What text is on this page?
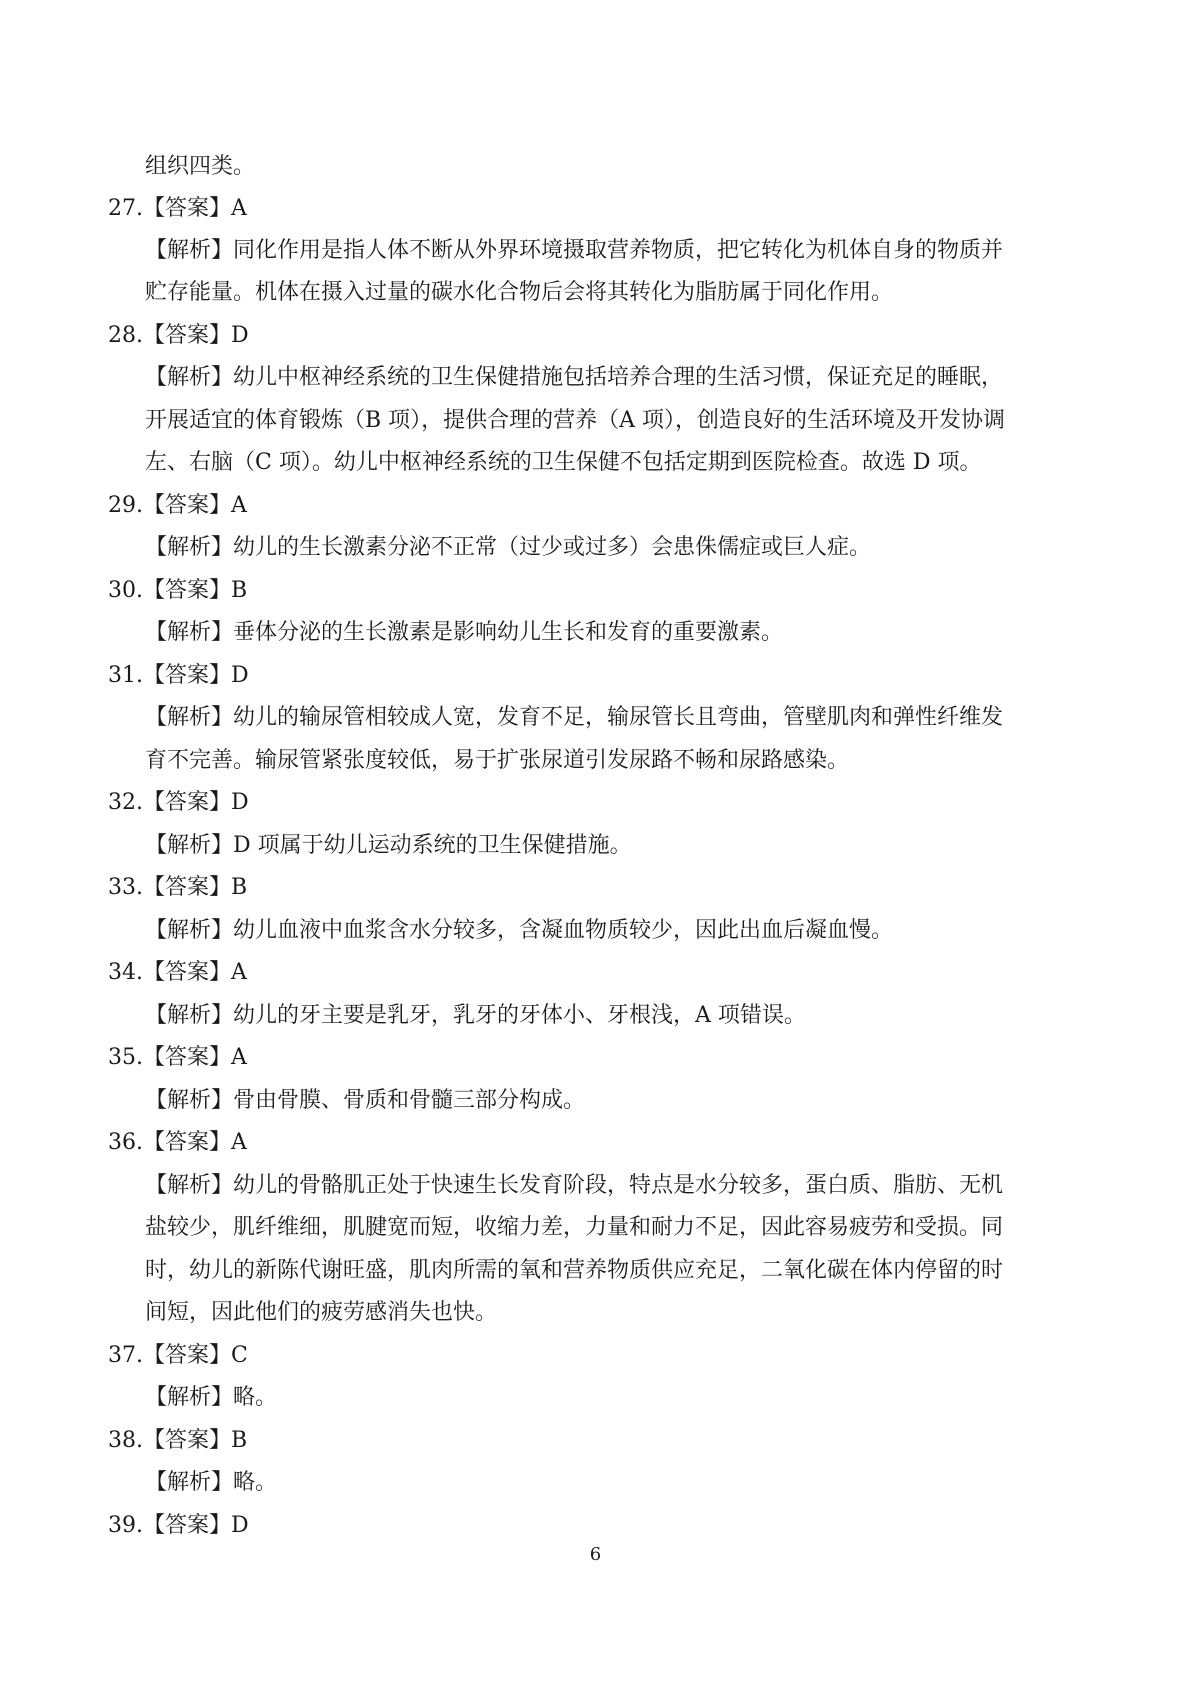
组织四类。
27.【答案】A
【解析】同化作用是指人体不断从外界环境摄取营养物质，把它转化为机体自身的物质并
贮存能量。机体在摄入过量的碳水化合物后会将其转化为脂肪属于同化作用。
28.【答案】D
【解析】幼儿中枢神经系统的卫生保健措施包括培养合理的生活习惯，保证充足的睡眠，
开展适宜的体育锻炼（B 项），提供合理的营养（A 项），创造良好的生活环境及开发协调
左、右脑（C 项）。幼儿中枢神经系统的卫生保健不包括定期到医院检查。故选 D 项。
29.【答案】A
【解析】幼儿的生长激素分泌不正常（过少或过多）会患侏儒症或巨人症。
30.【答案】B
【解析】垂体分泌的生长激素是影响幼儿生长和发育的重要激素。
31.【答案】D
【解析】幼儿的输尿管相较成人宽，发育不足，输尿管长且弯曲，管壁肌肉和弹性纤维发
育不完善。输尿管紧张度较低，易于扩张尿道引发尿路不畅和尿路感染。
32.【答案】D
【解析】D 项属于幼儿运动系统的卫生保健措施。
33.【答案】B
【解析】幼儿血液中血浆含水分较多，含凝血物质较少，因此出血后凝血慢。
34.【答案】A
【解析】幼儿的牙主要是乳牙，乳牙的牙体小、牙根浅，A 项错误。
35.【答案】A
【解析】骨由骨膜、骨质和骨髓三部分构成。
36.【答案】A
【解析】幼儿的骨骼肌正处于快速生长发育阶段，特点是水分较多，蛋白质、脂肪、无机
盐较少，肌纤维细，肌腱宽而短，收缩力差，力量和耐力不足，因此容易疲劳和受损。同
时，幼儿的新陈代谢旺盛，肌肉所需的氧和营养物质供应充足，二氧化碳在体内停留的时
间短，因此他们的疲劳感消失也快。
37.【答案】C
【解析】略。
38.【答案】B
【解析】略。
39.【答案】D
6
